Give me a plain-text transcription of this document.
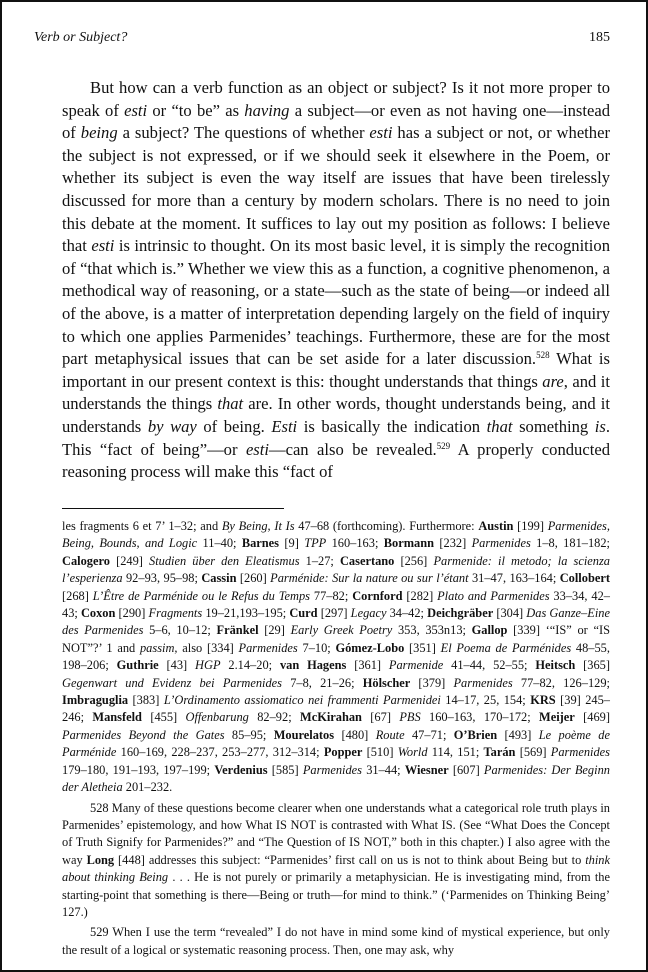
Verb or Subject?	185

But how can a verb function as an object or subject? Is it not more proper to speak of esti or “to be” as having a subject—or even as not having one—instead of being a subject? The questions of whether esti has a subject or not, or whether the subject is not expressed, or if we should seek it elsewhere in the Poem, or whether its subject is even the way itself are issues that have been tirelessly discussed for more than a century by modern scholars. There is no need to join this debate at the moment. It suffices to lay out my position as follows: I believe that esti is intrinsic to thought. On its most basic level, it is simply the recognition of “that which is.” Whether we view this as a function, a cognitive phenomenon, a methodical way of reasoning, or a state—such as the state of being—or indeed all of the above, is a matter of interpretation depending largely on the field of inquiry to which one applies Parmenides’ teachings. Furthermore, these are for the most part metaphysical issues that can be set aside for a later discussion.$^{528}$ What is important in our present context is this: thought understands that things are, and it understands the things that are. In other words, thought understands being, and it understands by way of being. Esti is basically the indication that something is. This “fact of being”—or esti—can also be revealed.$^{529}$ A properly conducted reasoning process will make this “fact of

les fragments 6 et 7’ 1–32; and By Being, It Is 47–68 (forthcoming). Furthermore: Austin [199] Parmenides, Being, Bounds, and Logic 11–40; Barnes [9] TPP 160–163; Bormann [232] Parmenides 1–8, 181–182; Calogero [249] Studien über den Eleatismus 1–27; Casertano [256] Parmenide: il metodo; la scienza l’esperienza 92–93, 95–98; Cassin [260] Parménide: Sur la nature ou sur l’étant 31–47, 163–164; Collobert [268] L’Être de Parménide ou le Refus du Temps 77–82; Cornford [282] Plato and Parmenides 33–34, 42–43; Coxon [290] Fragments 19–21,193–195; Curd [297] Legacy 34–42; Deichgräber [304] Das Ganze–Eine des Parmenides 5–6, 10–12; Fränkel [29] Early Greek Poetry 353, 353n13; Gallop [339] ‘“IS” or “IS NOT”?’ 1 and passim, also [334] Parmenides 7–10; Gómez-Lobo [351] El Poema de Parménides 48–55, 198–206; Guthrie [43] HGP 2.14–20; van Hagens [361] Parmenide 41–44, 52–55; Heitsch [365] Gegenwart und Evidenz bei Parmenides 7–8, 21–26; Hölscher [379] Parmenides 77–82, 126–129; Imbraguglia [383] L’Ordinamento assiomatico nei frammenti Parmenidei 14–17, 25, 154; KRS [39] 245–246; Mansfeld [455] Offenbarung 82–92; McKirahan [67] PBS 160–163, 170–172; Meijer [469] Parmenides Beyond the Gates 85–95; Mourelatos [480] Route 47–71; O’Brien [493] Le poème de Parménide 160–169, 228–237, 253–277, 312–314; Popper [510] World 114, 151; Tarán [569] Parmenides 179–180, 191–193, 197–199; Verdenius [585] Parmenides 31–44; Wiesner [607] Parmenides: Der Beginn der Aletheia 201–232.

528 Many of these questions become clearer when one understands what a categorical role truth plays in Parmenides’ epistemology, and how What IS NOT is contrasted with What IS. (See “What Does the Concept of Truth Signify for Parmenides?” and “The Question of IS NOT,” both in this chapter.) I also agree with the way Long [448] addresses this subject: “Parmenides’ first call on us is not to think about Being but to think about thinking Being . . . He is not purely or primarily a metaphysician. He is investigating mind, from the starting-point that something is there—Being or truth—for mind to think.” (‘Parmenides on Thinking Being’ 127.)

529 When I use the term “revealed” I do not have in mind some kind of mystical experience, but only the result of a logical or systematic reasoning process. Then, one may ask, why
